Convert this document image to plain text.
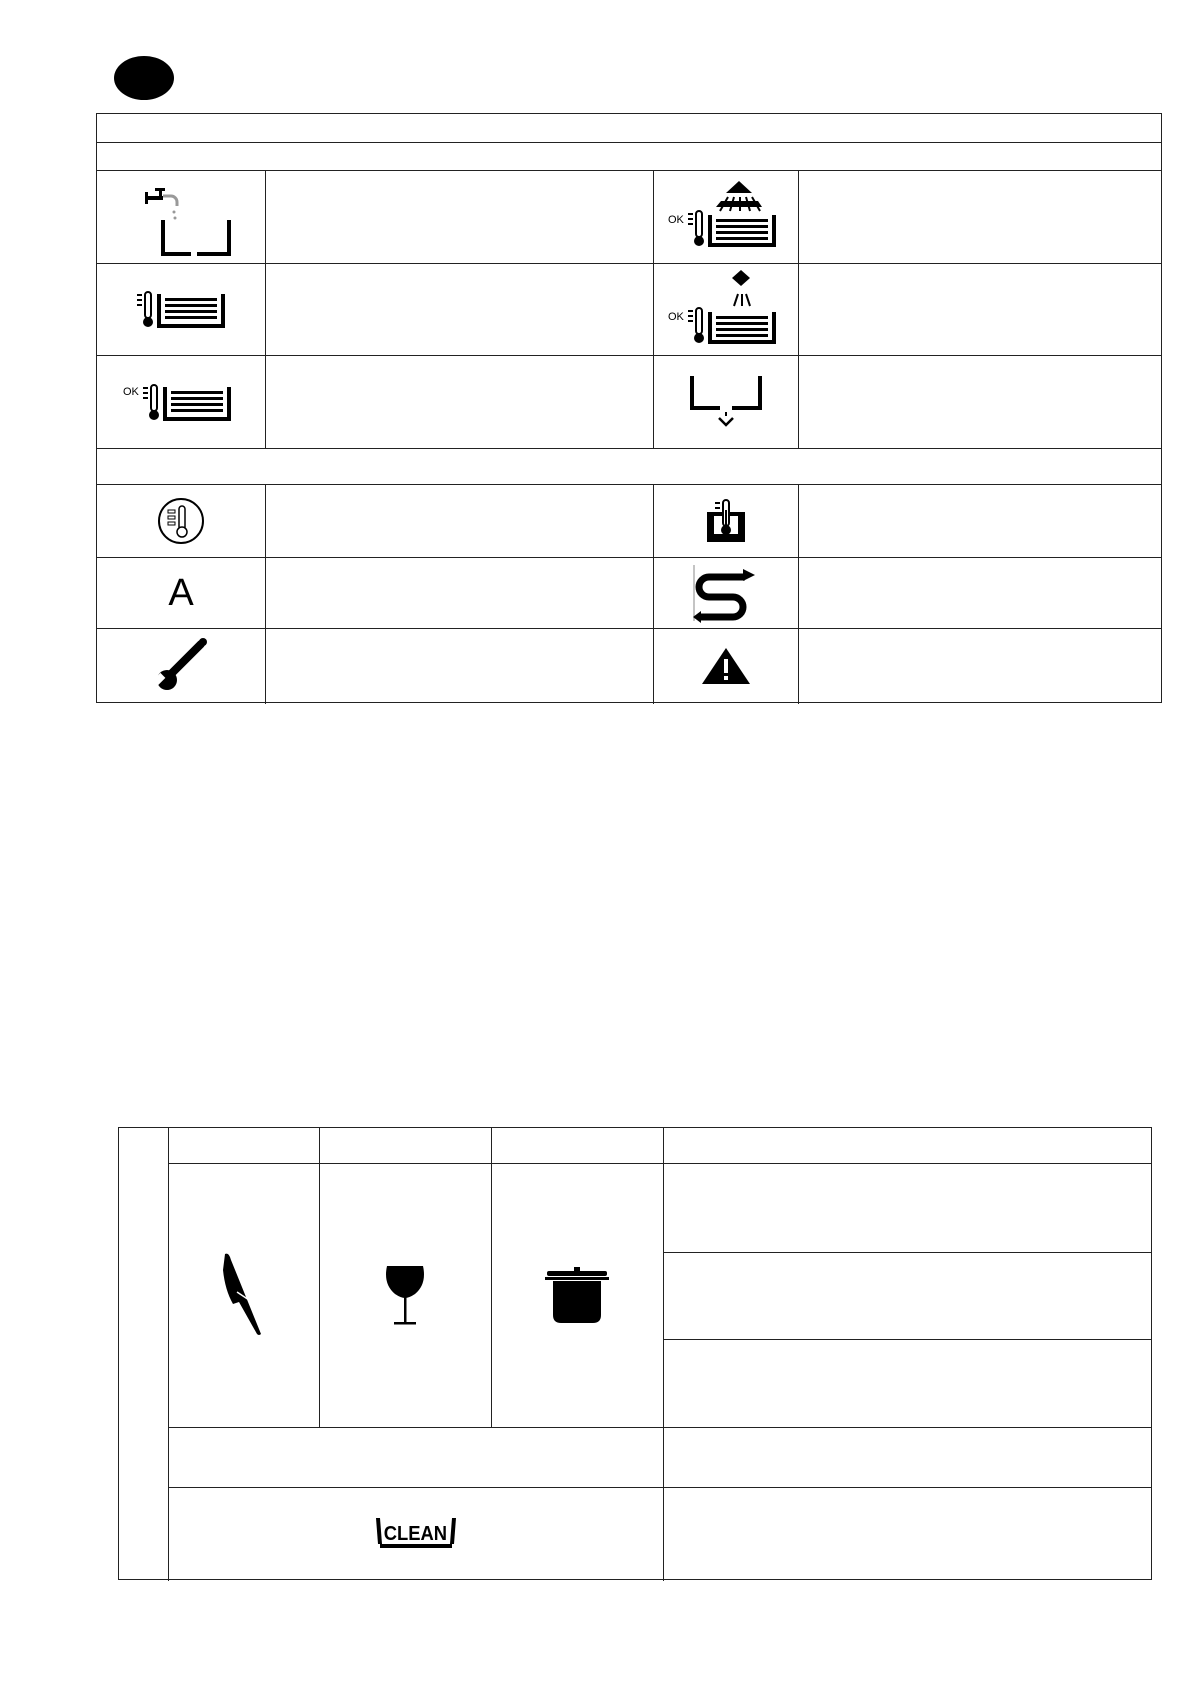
OK
OK
OK
A
CLEAN
